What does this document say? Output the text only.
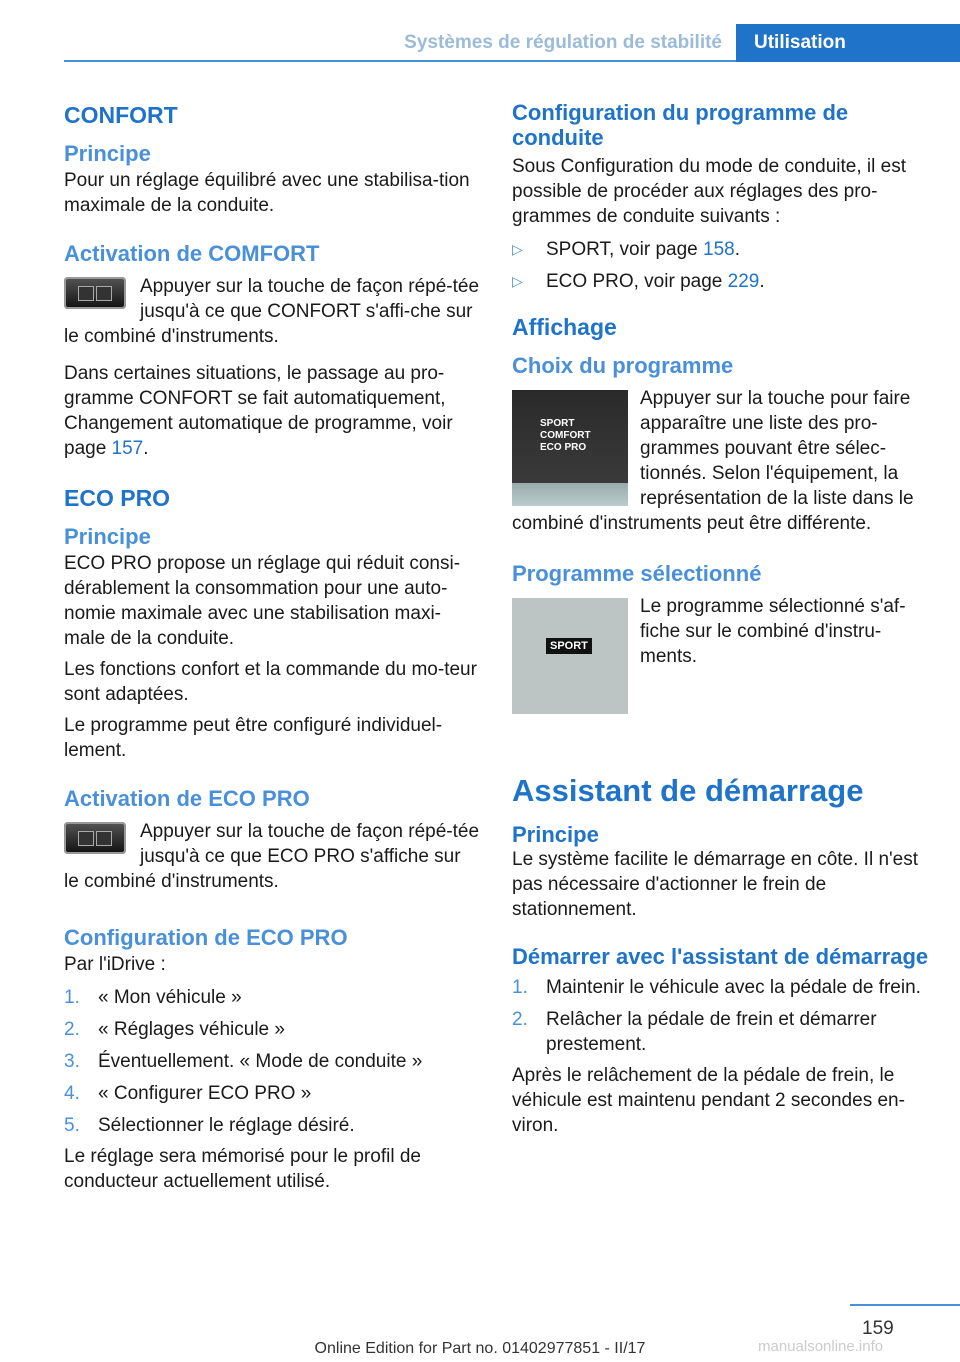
Systèmes de régulation de stabilité	Utilisation
CONFORT
Principe

Pour un réglage équilibré avec une stabilisa-tion maximale de la conduite.

Activation de COMFORT

Appuyer sur la touche de façon répé-tée jusqu'à ce que CONFORT s'affi-che sur le combiné d'instruments.

Dans certaines situations, le passage au pro-gramme CONFORT se fait automatiquement, Changement automatique de programme, voir page 157.

ECO PRO
Principe

ECO PRO propose un réglage qui réduit consi-dérablement la consommation pour une auto-nomie maximale avec une stabilisation maxi-male de la conduite.

Les fonctions confort et la commande du mo-teur sont adaptées.

Le programme peut être configuré individuel-lement.

Activation de ECO PRO

Appuyer sur la touche de façon répé-tée jusqu'à ce que ECO PRO s'affiche sur le combiné d'instruments.

Configuration de ECO PRO

Par l'iDrive :

1. « Mon véhicule »
2. « Réglages véhicule »
3. Éventuellement. « Mode de conduite »
4. « Configurer ECO PRO »
5. Sélectionner le réglage désiré.

Le réglage sera mémorisé pour le profil de conducteur actuellement utilisé.

Configuration du programme de conduite

Sous Configuration du mode de conduite, il est possible de procéder aux réglages des pro-grammes de conduite suivants :

▷ SPORT, voir page 158.
▷ ECO PRO, voir page 229.
Affichage
Choix du programme
SPORT
COMFORT
ECO PRO

Appuyer sur la touche pour faire apparaître une liste des pro-grammes pouvant être sélec-tionnés. Selon l'équipement, la représentation de la liste dans le combiné d'instruments peut être différente.

Programme sélectionné
SPORT

Le programme sélectionné s'af-fiche sur le combiné d'instru-ments.

Assistant de démarrage
Principe

Le système facilite le démarrage en côte. Il n'est pas nécessaire d'actionner le frein de stationnement.

Démarrer avec l'assistant de démarrage
1. Maintenir le véhicule avec la pédale de frein.
2. Relâcher la pédale de frein et démarrer prestement.

Après le relâchement de la pédale de frein, le véhicule est maintenu pendant 2 secondes en-viron.

159
Online Edition for Part no. 01402977851 - II/17	manualsonline.info
